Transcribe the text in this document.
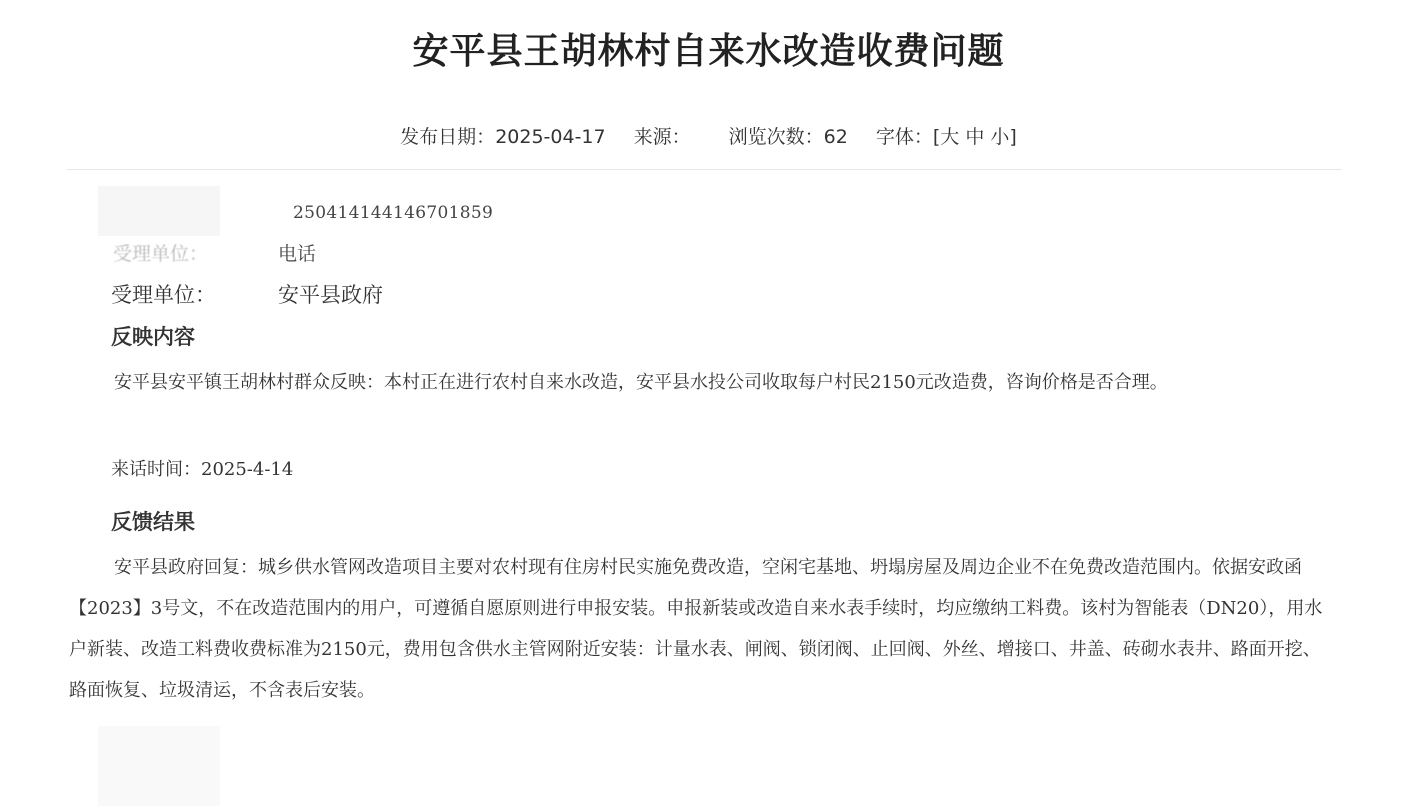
安平县王胡林村自来水改造收费问题
发布日期：2025-04-17 来源： 浏览次数：62 字体：[大 中 小]
250414144146701859
受理单位：	电话
受理单位：	安平县政府
反映内容

安平县安平镇王胡林村群众反映：本村正在进行农村自来水改造，安平县水投公司收取每户村民2150元改造费，咨询价格是否合理。

来话时间：2025-4-14
反馈结果

安平县政府回复：城乡供水管网改造项目主要对农村现有住房村民实施免费改造，空闲宅基地、坍塌房屋及周边企业不在免费改造范围内。依据安政函【2023】3号文，不在改造范围内的用户，可遵循自愿原则进行申报安装。申报新装或改造自来水表手续时，均应缴纳工料费。该村为智能表（DN20），用水户新装、改造工料费收费标准为2150元，费用包含供水主管网附近安装：计量水表、闸阀、锁闭阀、止回阀、外丝、增接口、井盖、砖砌水表井、路面开挖、路面恢复、垃圾清运，不含表后安装。
